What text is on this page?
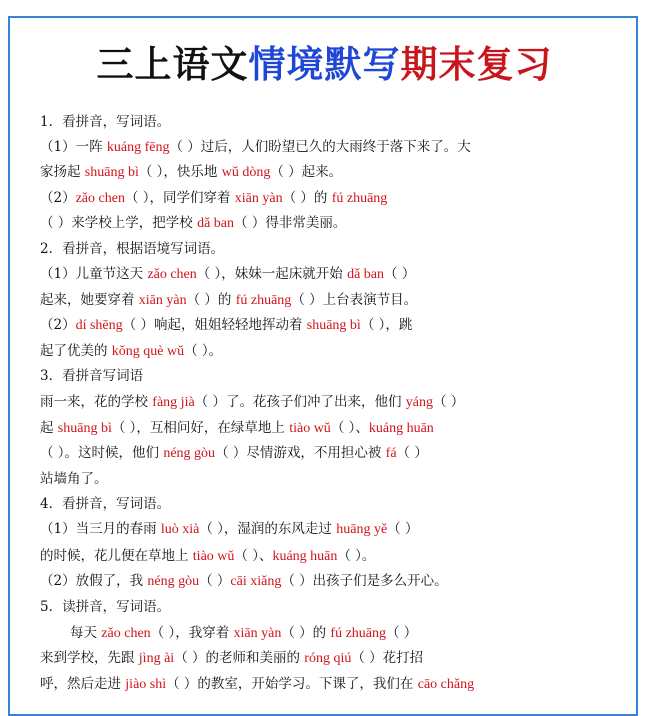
三上语文情境默写期末复习
1．看拼音，写词语。
（1）一阵 kuáng fēng（ ）过后，人们盼望已久的大雨终于落下来了。大
家扬起 shuāng bì（ ），快乐地 wǔ dòng（ ）起来。
（2）zǎo chen（ ），同学们穿着 xiān yàn（ ）的 fú zhuāng
（ ）来学校上学，把学校 dǎ ban（ ）得非常美丽。
2．看拼音，根据语境写词语。
（1）儿童节这天 zǎo chen（ ），妹妹一起床就开始 dǎ ban（ ）
起来，她要穿着 xiān yàn（ ）的 fú zhuāng（ ）上台表演节目。
（2）dí shēng（ ）响起，姐姐轻轻地挥动着 shuāng bì（ ），跳
起了优美的 kǒng què wǔ（ ）。
3．看拼音写词语
雨一来，花的学校 fàng jià（ ）了。花孩子们冲了出来，他们 yáng（ ）
起 shuāng bì（ ），互相问好，在绿草地上 tiào wǔ（ ）、kuáng huān
（ ）。这时候，他们 néng gòu（ ）尽情游戏，不用担心被 fá（ ）
站墙角了。
4．看拼音，写词语。
（1）当三月的春雨 luò xià（ ），湿润的东风走过 huāng yě（ ）
的时候，花儿便在草地上 tiào wǔ（ ）、kuáng huān（ ）。
（2）放假了，我 néng gòu（ ）cāi xiǎng（ ）出孩子们是多么开心。
5．读拼音，写词语。
每天 zǎo chen（ ），我穿着 xiān yàn（ ）的 fú zhuāng（ ）
来到学校，先跟 jìng ài（ ）的老师和美丽的 róng qiú（ ）花打招
呼，然后走进 jiào shì（ ）的教室，开始学习。下课了，我们在 cāo chǎng
